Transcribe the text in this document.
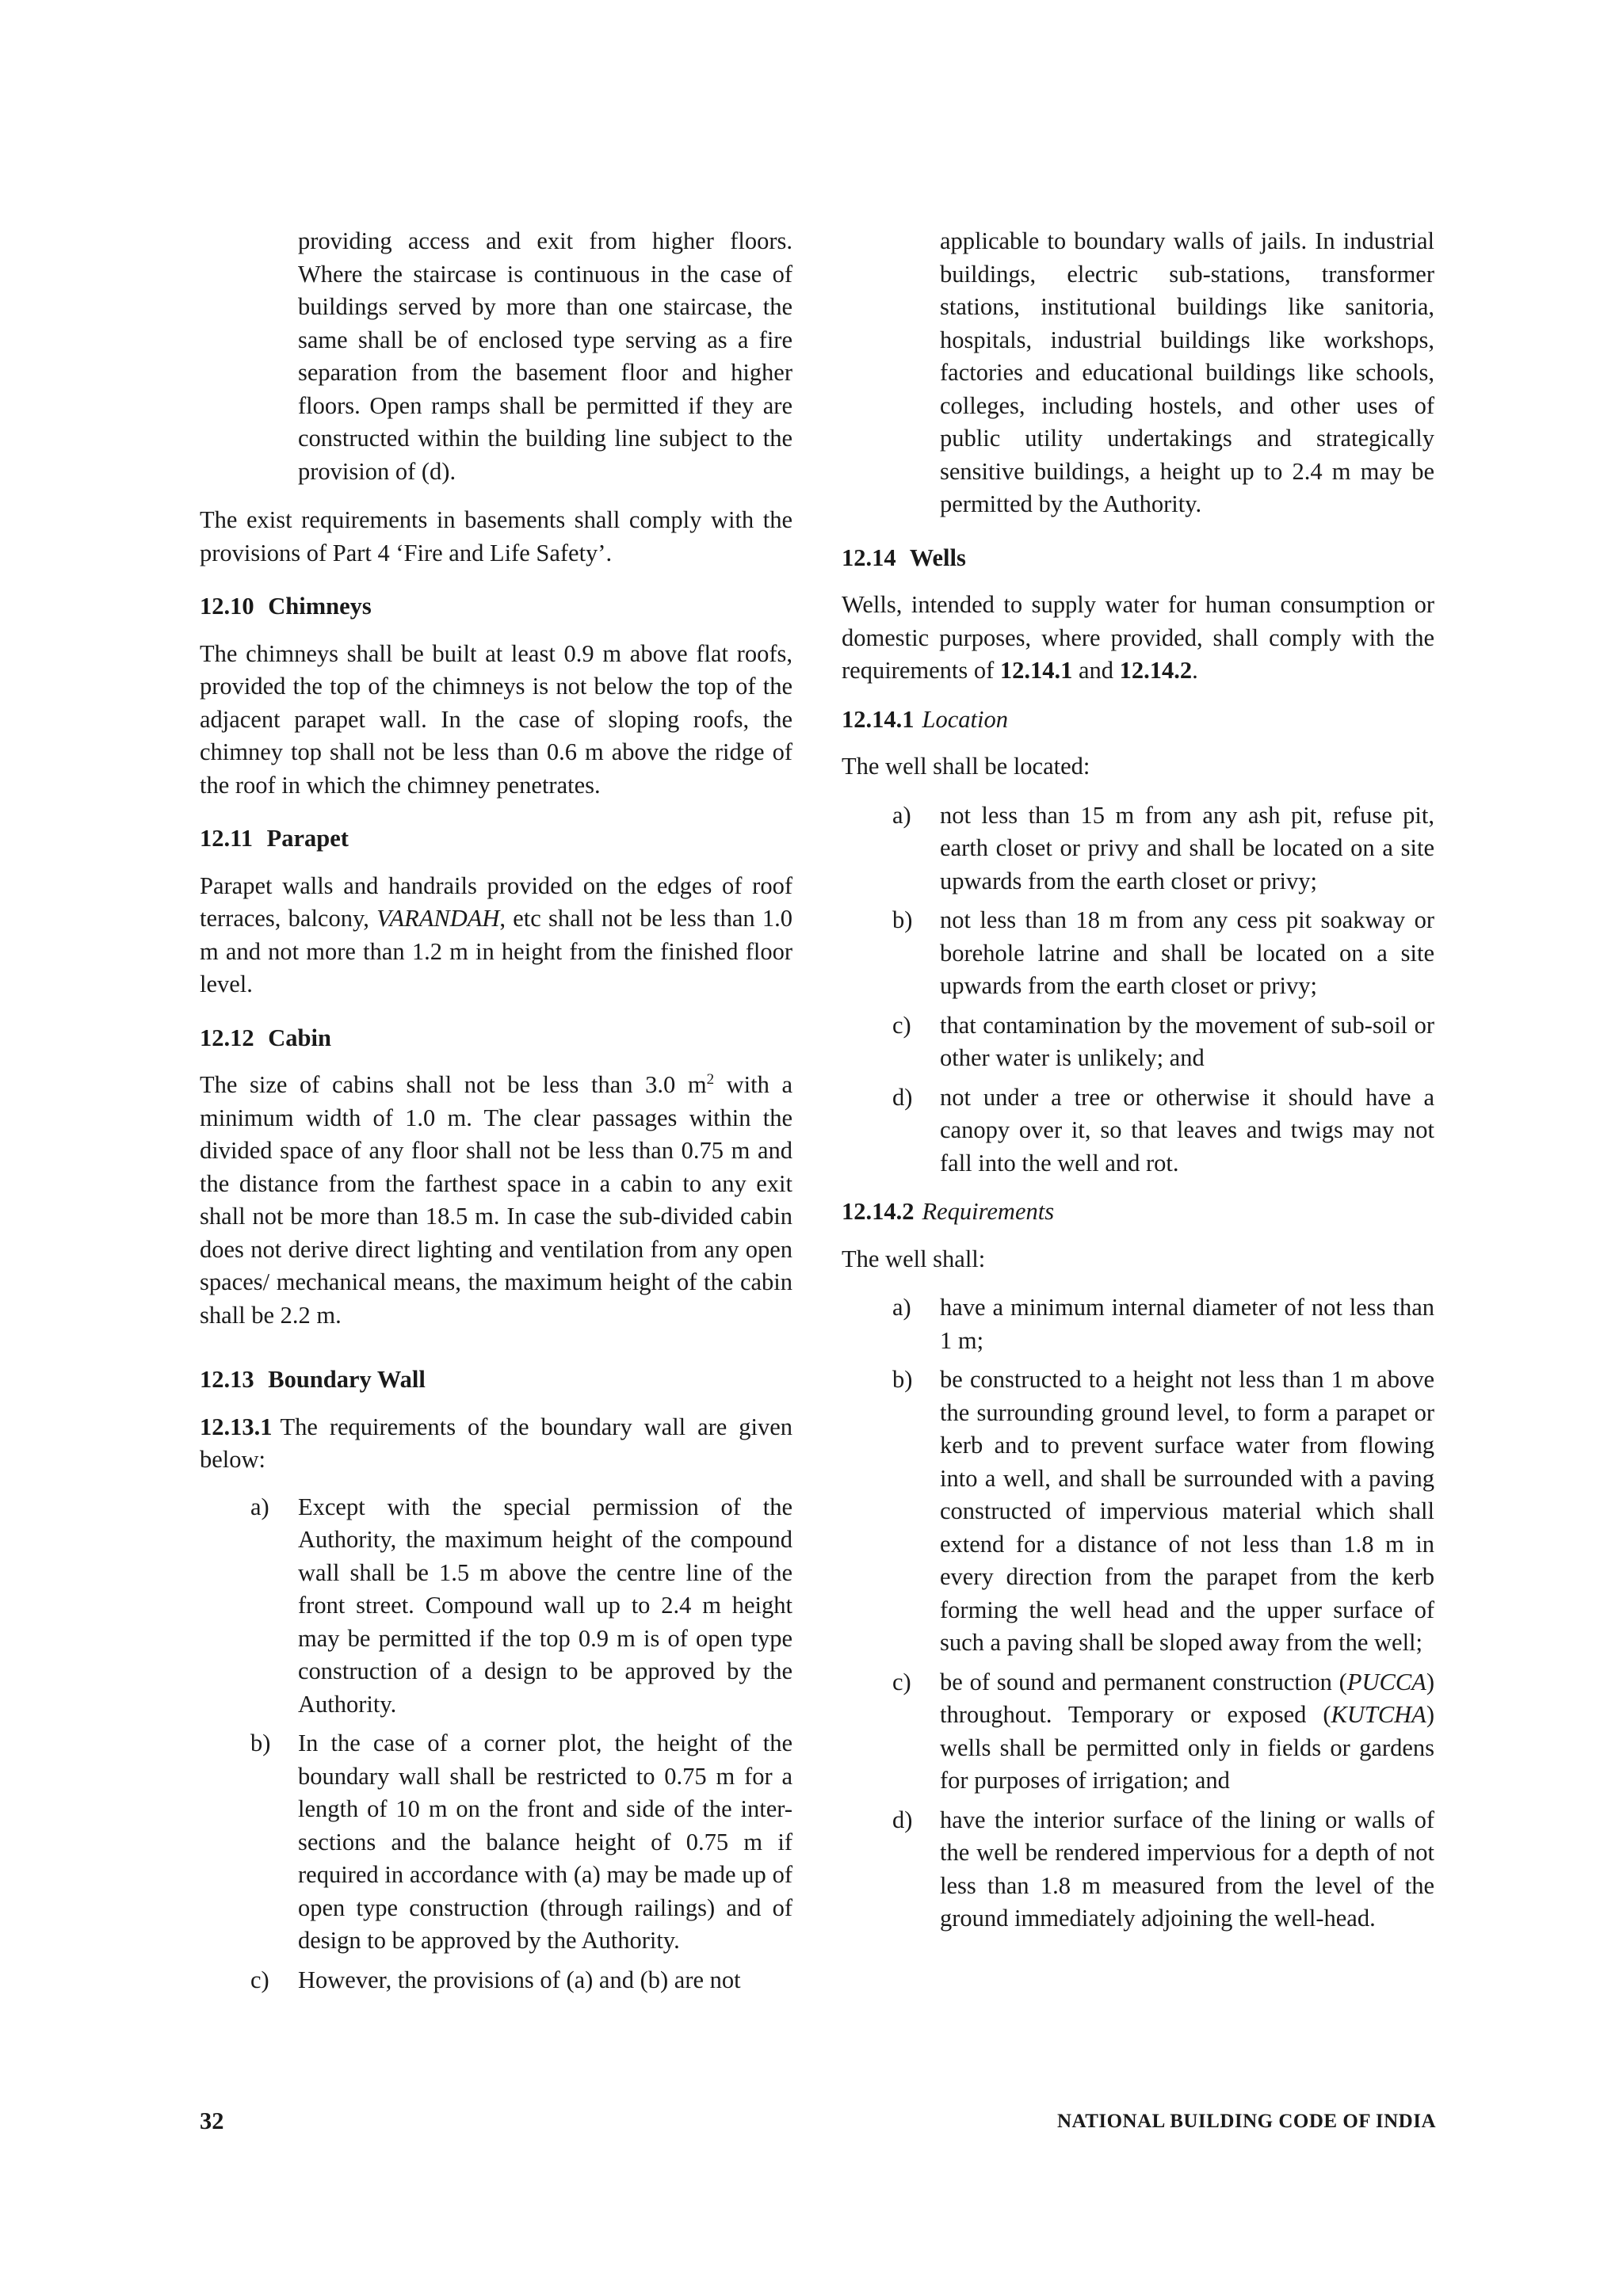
providing access and exit from higher floors. Where the staircase is continuous in the case of buildings served by more than one staircase, the same shall be of enclosed type serving as a fire separation from the basement floor and higher floors. Open ramps shall be permitted if they are constructed within the building line subject to the provision of (d).

The exist requirements in basements shall comply with the provisions of Part 4 ‘Fire and Life Safety’.

12.10 Chimneys

The chimneys shall be built at least 0.9 m above flat roofs, provided the top of the chimneys is not below the top of the adjacent parapet wall. In the case of sloping roofs, the chimney top shall not be less than 0.6 m above the ridge of the roof in which the chimney penetrates.

12.11 Parapet

Parapet walls and handrails provided on the edges of roof terraces, balcony, VARANDAH, etc shall not be less than 1.0 m and not more than 1.2 m in height from the finished floor level.

12.12 Cabin

The size of cabins shall not be less than 3.0 $m^2$ with a minimum width of 1.0 m. The clear passages within the divided space of any floor shall not be less than 0.75 m and the distance from the farthest space in a cabin to any exit shall not be more than 18.5 m. In case the sub-divided cabin does not derive direct lighting and ventilation from any open spaces/ mechanical means, the maximum height of the cabin shall be 2.2 m.

12.13 Boundary Wall

12.13.1 The requirements of the boundary wall are given below:

a) Except with the special permission of the Authority, the maximum height of the compound wall shall be 1.5 m above the centre line of the front street. Compound wall up to 2.4 m height may be permitted if the top 0.9 m is of open type construction of a design to be approved by the Authority.
b) In the case of a corner plot, the height of the boundary wall shall be restricted to 0.75 m for a length of 10 m on the front and side of the inter-sections and the balance height of 0.75 m if required in accordance with (a) may be made up of open type construction (through railings) and of design to be approved by the Authority.
c) However, the provisions of (a) and (b) are not

applicable to boundary walls of jails. In industrial buildings, electric sub-stations, transformer stations, institutional buildings like sanitoria, hospitals, industrial buildings like workshops, factories and educational buildings like schools, colleges, including hostels, and other uses of public utility undertakings and strategically sensitive buildings, a height up to 2.4 m may be permitted by the Authority.

12.14 Wells

Wells, intended to supply water for human consumption or domestic purposes, where provided, shall comply with the requirements of 12.14.1 and 12.14.2.

12.14.1 Location

The well shall be located:

a) not less than 15 m from any ash pit, refuse pit, earth closet or privy and shall be located on a site upwards from the earth closet or privy;
b) not less than 18 m from any cess pit soakway or borehole latrine and shall be located on a site upwards from the earth closet or privy;
c) that contamination by the movement of sub-soil or other water is unlikely; and
d) not under a tree or otherwise it should have a canopy over it, so that leaves and twigs may not fall into the well and rot.

12.14.2 Requirements

The well shall:

a) have a minimum internal diameter of not less than 1 m;
b) be constructed to a height not less than 1 m above the surrounding ground level, to form a parapet or kerb and to prevent surface water from flowing into a well, and shall be surrounded with a paving constructed of impervious material which shall extend for a distance of not less than 1.8 m in every direction from the parapet from the kerb forming the well head and the upper surface of such a paving shall be sloped away from the well;
c) be of sound and permanent construction (PUCCA) throughout. Temporary or exposed (KUTCHA) wells shall be permitted only in fields or gardens for purposes of irrigation; and
d) have the interior surface of the lining or walls of the well be rendered impervious for a depth of not less than 1.8 m measured from the level of the ground immediately adjoining the well-head.
32	NATIONAL BUILDING CODE OF INDIA
